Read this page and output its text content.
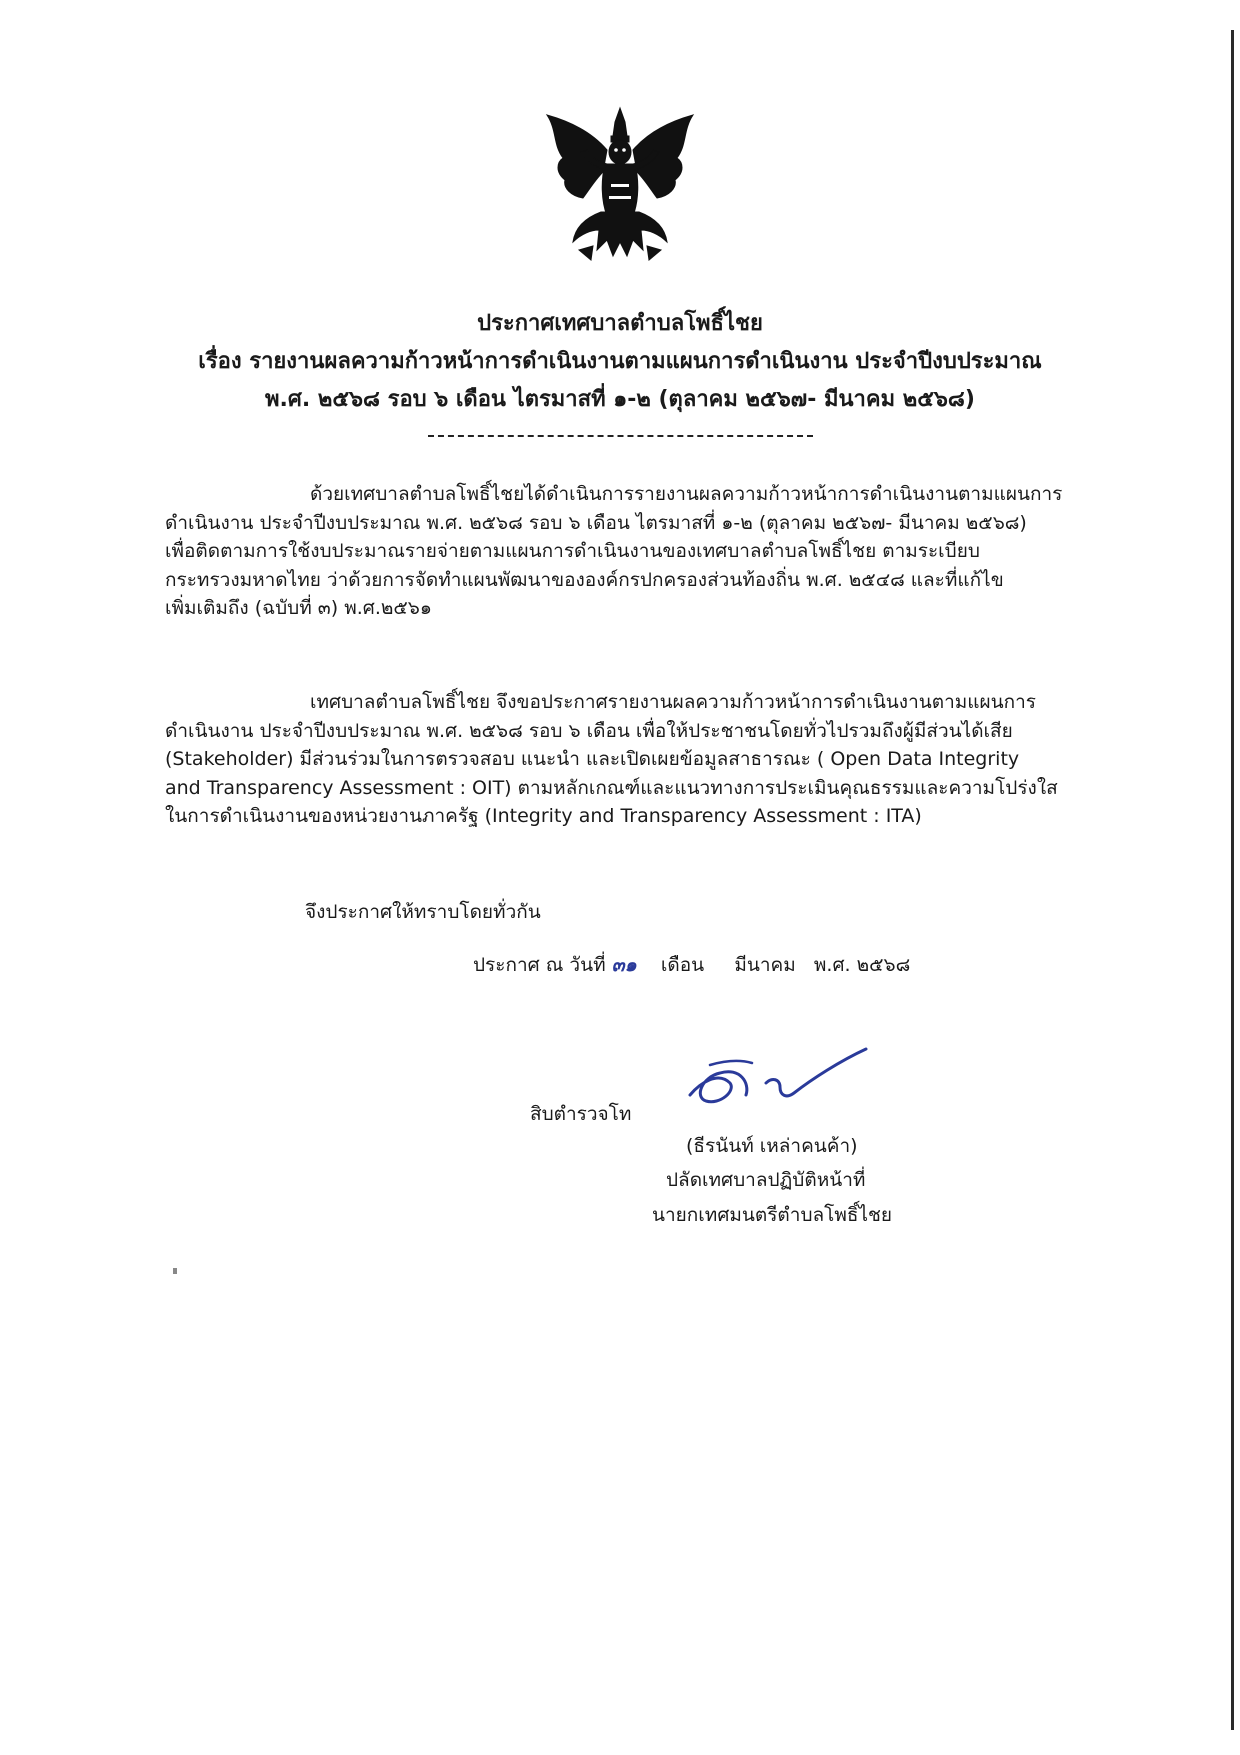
ประกาศเทศบาลตำบลโพธิ์ไชย
เรื่อง รายงานผลความก้าวหน้าการดำเนินงานตามแผนการดำเนินงาน ประจำปีงบประมาณ
พ.ศ. ๒๕๖๘ รอบ ๖ เดือน ไตรมาสที่ ๑-๒ (ตุลาคม ๒๕๖๗- มีนาคม ๒๕๖๘)
ด้วยเทศบาลตำบลโพธิ์ไชยได้ดำเนินการรายงานผลความก้าวหน้าการดำเนินงานตามแผนการ
ดำเนินงาน ประจำปีงบประมาณ พ.ศ. ๒๕๖๘ รอบ ๖ เดือน ไตรมาสที่ ๑-๒ (ตุลาคม ๒๕๖๗- มีนาคม ๒๕๖๘)
เพื่อติดตามการใช้งบประมาณรายจ่ายตามแผนการดำเนินงานของเทศบาลตำบลโพธิ์ไชย ตามระเบียบ
กระทรวงมหาดไทย ว่าด้วยการจัดทำแผนพัฒนาขององค์กรปกครองส่วนท้องถิ่น พ.ศ. ๒๕๔๘ และที่แก้ไข
เพิ่มเติมถึง (ฉบับที่ ๓) พ.ศ.๒๕๖๑
เทศบาลตำบลโพธิ์ไชย จึงขอประกาศรายงานผลความก้าวหน้าการดำเนินงานตามแผนการ
ดำเนินงาน ประจำปีงบประมาณ พ.ศ. ๒๕๖๘ รอบ ๖ เดือน เพื่อให้ประชาชนโดยทั่วไปรวมถึงผู้มีส่วนได้เสีย
(Stakeholder) มีส่วนร่วมในการตรวจสอบ แนะนำ และเปิดเผยข้อมูลสาธารณะ ( Open Data Integrity
and Transparency Assessment : OIT) ตามหลักเกณฑ์และแนวทางการประเมินคุณธรรมและความโปร่งใส
ในการดำเนินงานของหน่วยงานภาครัฐ (Integrity and Transparency Assessment : ITA)
จึงประกาศให้ทราบโดยทั่วกัน
ประกาศ ณ วันที่ ๓๑ เดือน มีนาคม พ.ศ. ๒๕๖๘
สิบตำรวจโท
(ธีรนันท์ เหล่าคนค้า)
ปลัดเทศบาลปฏิบัติหน้าที่
นายกเทศมนตรีตำบลโพธิ์ไชย
